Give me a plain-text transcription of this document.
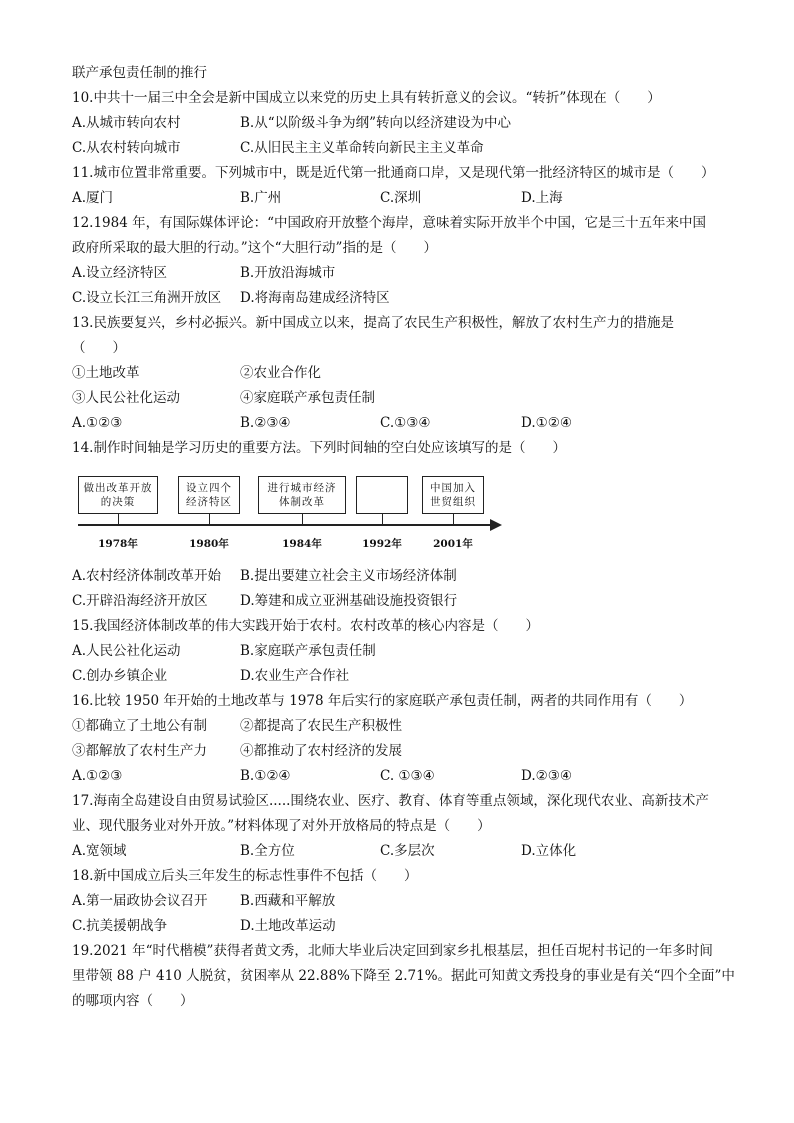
联产承包责任制的推行
10.中共十一届三中全会是新中国成立以来党的历史上具有转折意义的会议。“转折”体现在（　　）
A.从城市转向农村	B.从“以阶级斗争为纲”转向以经济建设为中心
C.从农村转向城市	C.从旧民主主义革命转向新民主主义革命
11.城市位置非常重要。下列城市中，既是近代第一批通商口岸，又是现代第一批经济特区的城市是（　　）
A.厦门	B.广州	C.深圳	D.上海
12.1984 年，有国际媒体评论：“中国政府开放整个海岸，意味着实际开放半个中国，它是三十五年来中国
政府所采取的最大胆的行动。”这个“大胆行动”指的是（　　）
A.设立经济特区	B.开放沿海城市
C.设立长江三角洲开放区 D.将海南岛建成经济特区
13.民族要复兴，乡村必振兴。新中国成立以来，提高了农民生产积极性，解放了农村生产力的措施是
（　　）
①土地改革	②农业合作化
③人民公社化运动	④家庭联产承包责任制
A.①②③	B.②③④	C.①③④	D.①②④
14.制作时间轴是学习历史的重要方法。下列时间轴的空白处应该填写的是（　　）
做出改革开放
的决策
设立四个
经济特区
进行城市经济
体制改革
中国加入
世贸组织
1978年	1980年	1984年	1992年	2001年
A.农村经济体制改革开始 B.提出要建立社会主义市场经济体制
C.开辟沿海经济开放区 D.筹建和成立亚洲基础设施投资银行
15.我国经济体制改革的伟大实践开始于农村。农村改革的核心内容是（　　）
A.人民公社化运动	B.家庭联产承包责任制
C.创办乡镇企业	D.农业生产合作社
16.比较 1950 年开始的土地改革与 1978 年后实行的家庭联产承包责任制，两者的共同作用有（　　）
①都确立了土地公有制 ②都提高了农民生产积极性
③都解放了农村生产力 ④都推动了农村经济的发展
A.①②③	B.①②④	C. ①③④	D.②③④
17.海南全岛建设自由贸易试验区.....围绕农业、医疗、教育、体育等重点领域，深化现代农业、高新技术产
业、现代服务业对外开放。”材料体现了对外开放格局的特点是（　　）
A.宽领域	B.全方位	C.多层次	D.立体化
18.新中国成立后头三年发生的标志性事件不包括（　　）
A.第一届政协会议召开 B.西藏和平解放
C.抗美援朝战争	D.土地改革运动
19.2021 年“时代楷模”获得者黄文秀，北师大毕业后决定回到家乡扎根基层，担任百坭村书记的一年多时间
里带领 88 户 410 人脱贫，贫困率从 22.88%下降至 2.71%。据此可知黄文秀投身的事业是有关“四个全面”中
的哪项内容（　　）
